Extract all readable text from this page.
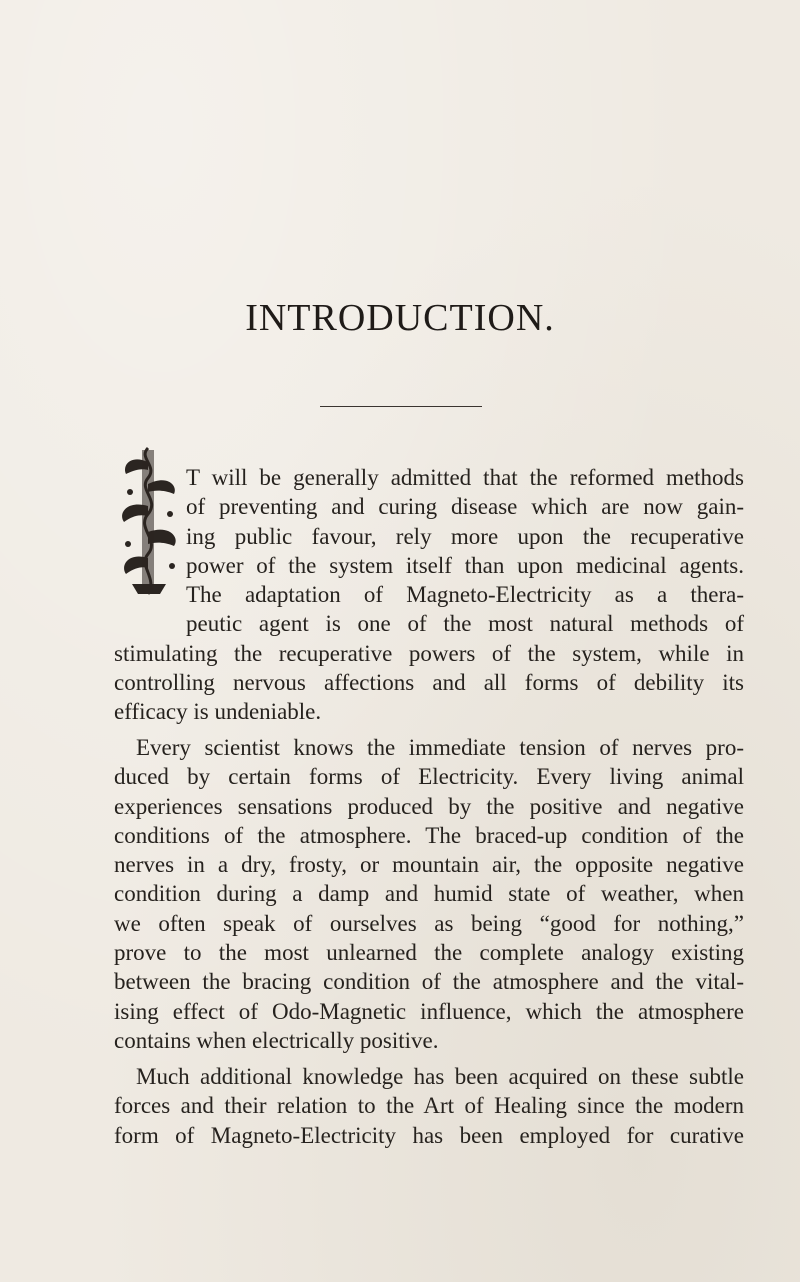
INTRODUCTION.
T will be generally admitted that the reformed methods
of preventing and curing disease which are now gain-
ing public favour, rely more upon the recuperative
power of the system itself than upon medicinal agents.
The adaptation of Magneto-Electricity as a thera-
peutic agent is one of the most natural methods of
stimulating the recuperative powers of the system, while in
controlling nervous affections and all forms of debility its
efficacy is undeniable.
Every scientist knows the immediate tension of nerves pro-
duced by certain forms of Electricity. Every living animal
experiences sensations produced by the positive and negative
conditions of the atmosphere. The braced-up condition of the
nerves in a dry, frosty, or mountain air, the opposite negative
condition during a damp and humid state of weather, when
we often speak of ourselves as being “good for nothing,”
prove to the most unlearned the complete analogy existing
between the bracing condition of the atmosphere and the vital-
ising effect of Odo-Magnetic influence, which the atmosphere
contains when electrically positive.
Much additional knowledge has been acquired on these subtle
forces and their relation to the Art of Healing since the modern
form of Magneto-Electricity has been employed for curative
